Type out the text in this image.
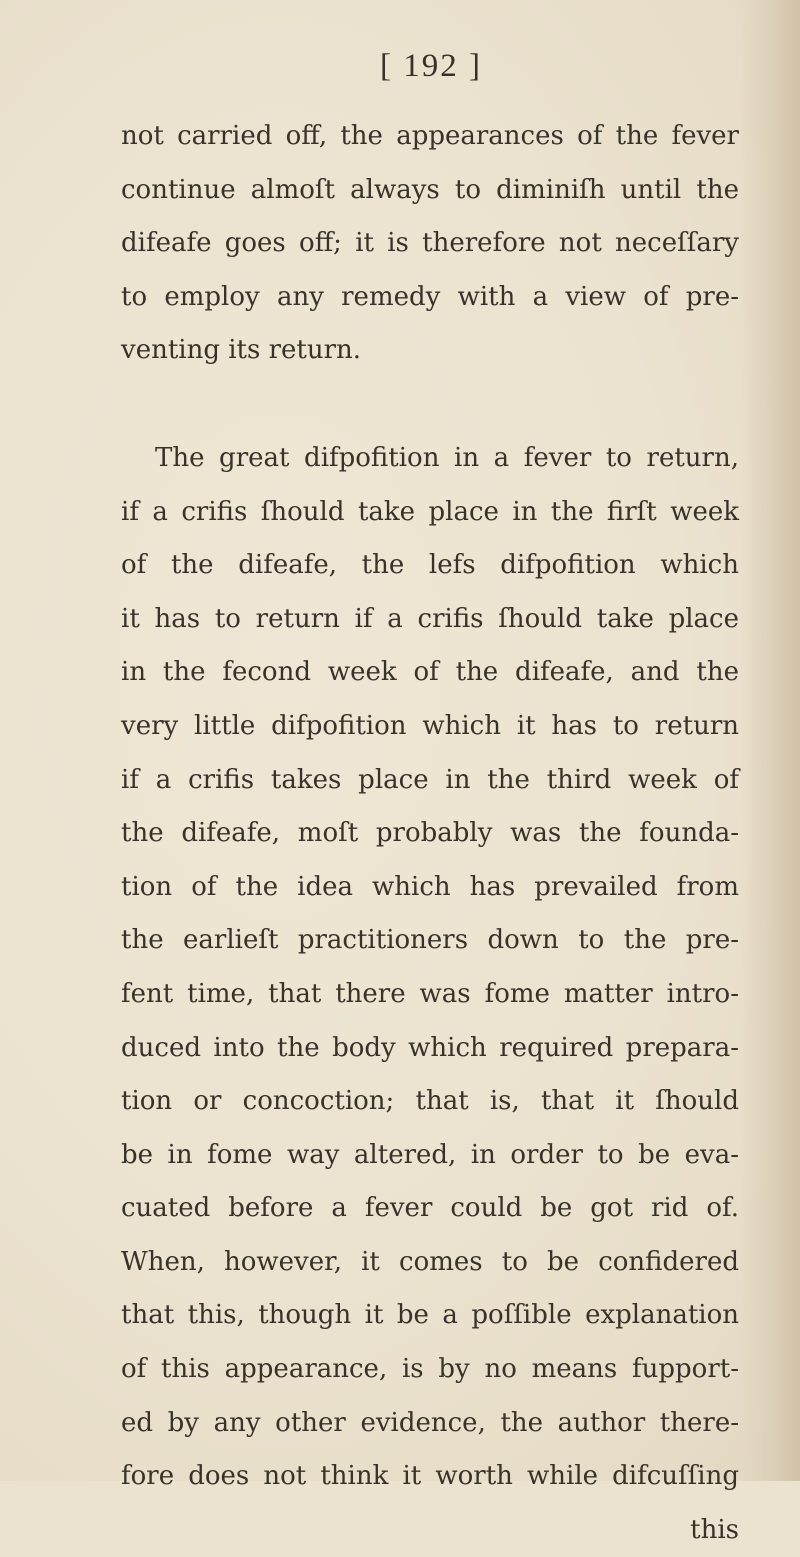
[ 192 ]
not carried off, the appearances of the fever
continue almoſt always to diminiſh until the
difeafe goes off; it is therefore not neceſſary
to employ any remedy with a view of pre-
venting its return.
The great difpofition in a fever to return,
if a crifis ſhould take place in the firſt week
of the difeafe, the lefs difpofition which
it has to return if a crifis ſhould take place
in the fecond week of the difeafe, and the
very little difpofition which it has to return
if a crifis takes place in the third week of
the difeafe, moſt probably was the founda-
tion of the idea which has prevailed from
the earlieſt practitioners down to the pre-
fent time, that there was fome matter intro-
duced into the body which required prepara-
tion or concoction; that is, that it ſhould
be in fome way altered, in order to be eva-
cuated before a fever could be got rid of.
When, however, it comes to be confidered
that this, though it be a poſſible explanation
of this appearance, is by no means fupport-
ed by any other evidence, the author there-
fore does not think it worth while difcuſſing
this
